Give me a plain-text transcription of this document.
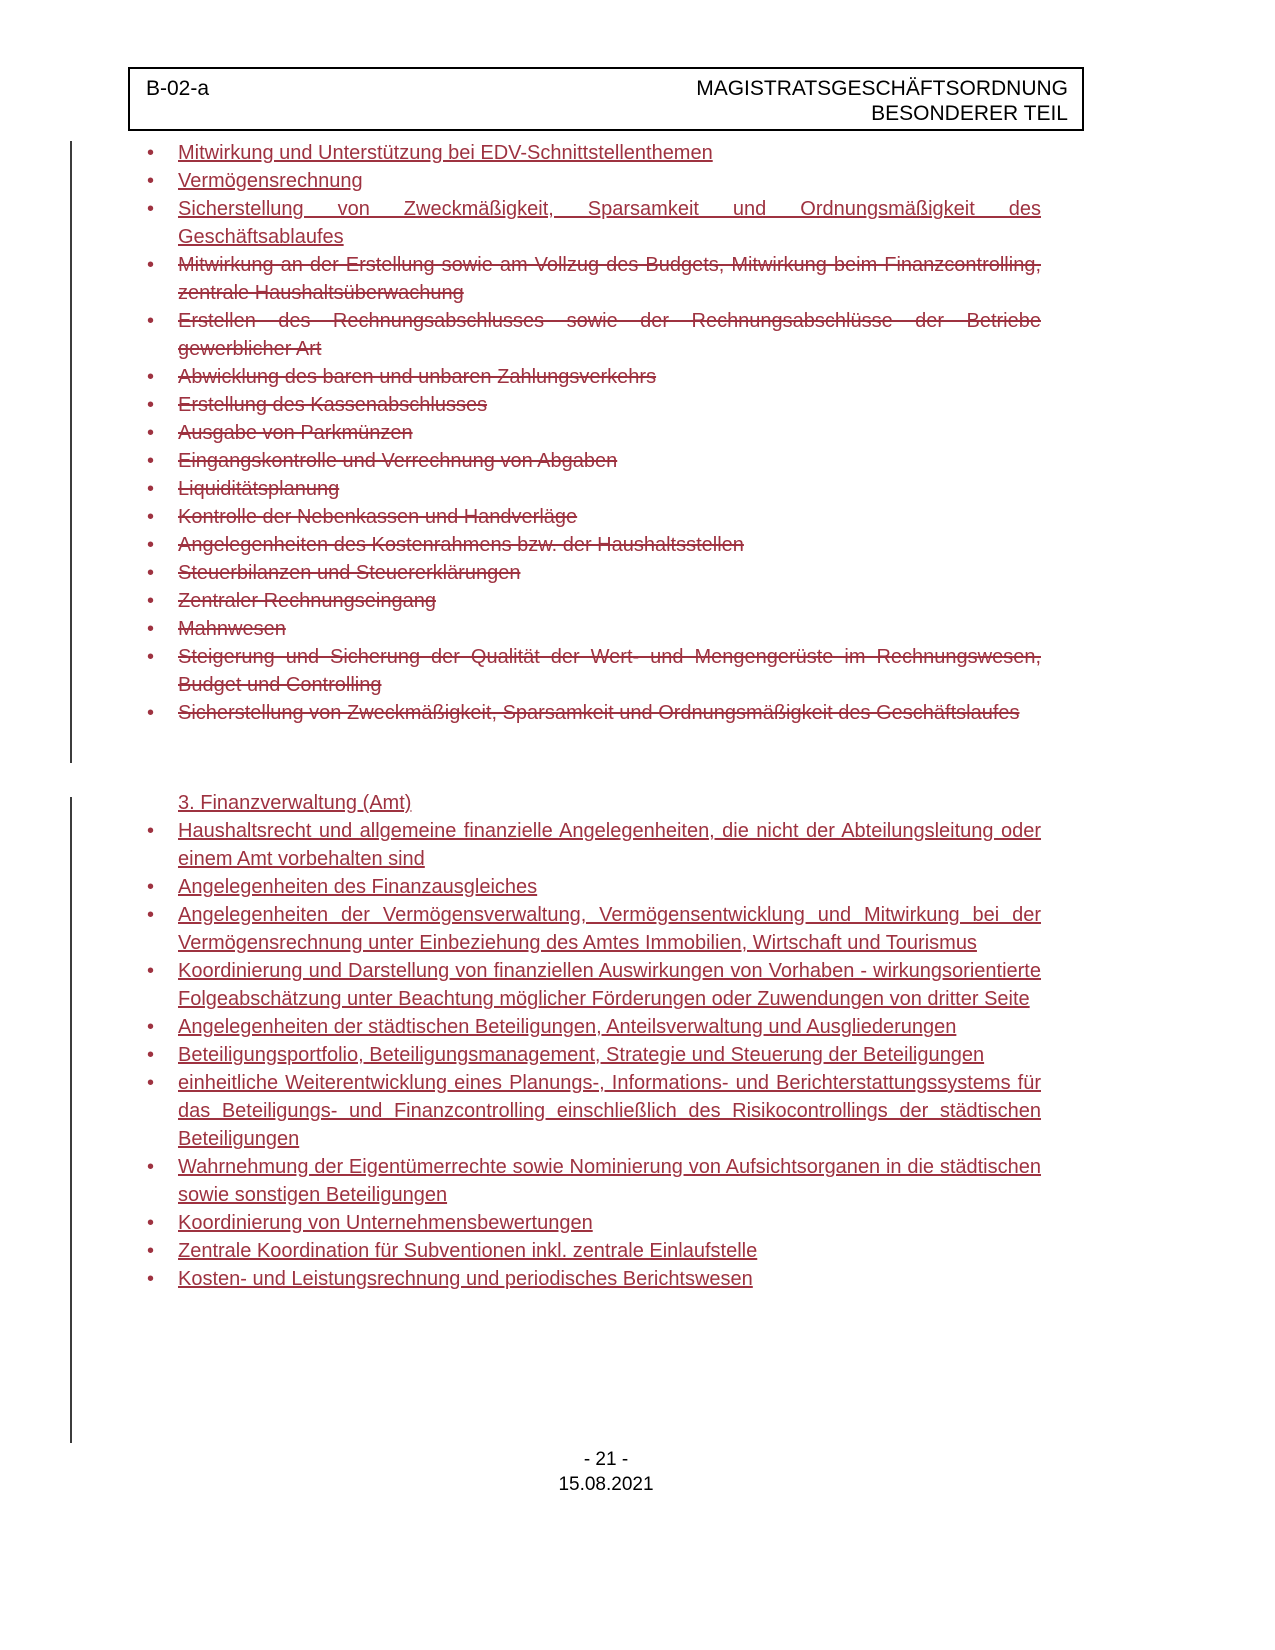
B-02-a	MAGISTRATSGESCHÄFTSORDNUNG
BESONDERER TEIL
• Mitwirkung und Unterstützung bei EDV-Schnittstellenthemen
• Vermögensrechnung
• Sicherstellung von Zweckmäßigkeit, Sparsamkeit und Ordnungsmäßigkeit des Geschäftsablaufes
• Mitwirkung an der Erstellung sowie am Vollzug des Budgets, Mitwirkung beim Finanzcontrolling, zentrale Haushaltsüberwachung
• Erstellen des Rechnungsabschlusses sowie der Rechnungsabschlüsse der Betriebe gewerblicher Art
• Abwicklung des baren und unbaren Zahlungsverkehrs
• Erstellung des Kassenabschlusses
• Ausgabe von Parkmünzen
• Eingangskontrolle und Verrechnung von Abgaben
• Liquiditätsplanung
• Kontrolle der Nebenkassen und Handverläge
• Angelegenheiten des Kostenrahmens bzw. der Haushaltsstellen
• Steuerbilanzen und Steuererklärungen
• Zentraler Rechnungseingang
• Mahnwesen
• Steigerung und Sicherung der Qualität der Wert- und Mengengerüste im Rechnungswesen, Budget und Controlling
• Sicherstellung von Zweckmäßigkeit, Sparsamkeit und Ordnungsmäßigkeit des Geschäftslaufes
3. Finanzverwaltung (Amt)
• Haushaltsrecht und allgemeine finanzielle Angelegenheiten, die nicht der Abteilungsleitung oder einem Amt vorbehalten sind
• Angelegenheiten des Finanzausgleiches
• Angelegenheiten der Vermögensverwaltung, Vermögensentwicklung und Mitwirkung bei der Vermögensrechnung unter Einbeziehung des Amtes Immobilien, Wirtschaft und Tourismus
• Koordinierung und Darstellung von finanziellen Auswirkungen von Vorhaben - wirkungsorientierte Folgeabschätzung unter Beachtung möglicher Förderungen oder Zuwendungen von dritter Seite
• Angelegenheiten der städtischen Beteiligungen, Anteilsverwaltung und Ausgliederungen
• Beteiligungsportfolio, Beteiligungsmanagement, Strategie und Steuerung der Beteiligungen
• einheitliche Weiterentwicklung eines Planungs-, Informations- und Berichterstattungssystems für das Beteiligungs- und Finanzcontrolling einschließlich des Risikocontrollings der städtischen Beteiligungen
• Wahrnehmung der Eigentümerrechte sowie Nominierung von Aufsichtsorganen in die städtischen sowie sonstigen Beteiligungen
• Koordinierung von Unternehmensbewertungen
• Zentrale Koordination für Subventionen inkl. zentrale Einlaufstelle
• Kosten- und Leistungsrechnung und periodisches Berichtswesen
- 21 -
15.08.2021
